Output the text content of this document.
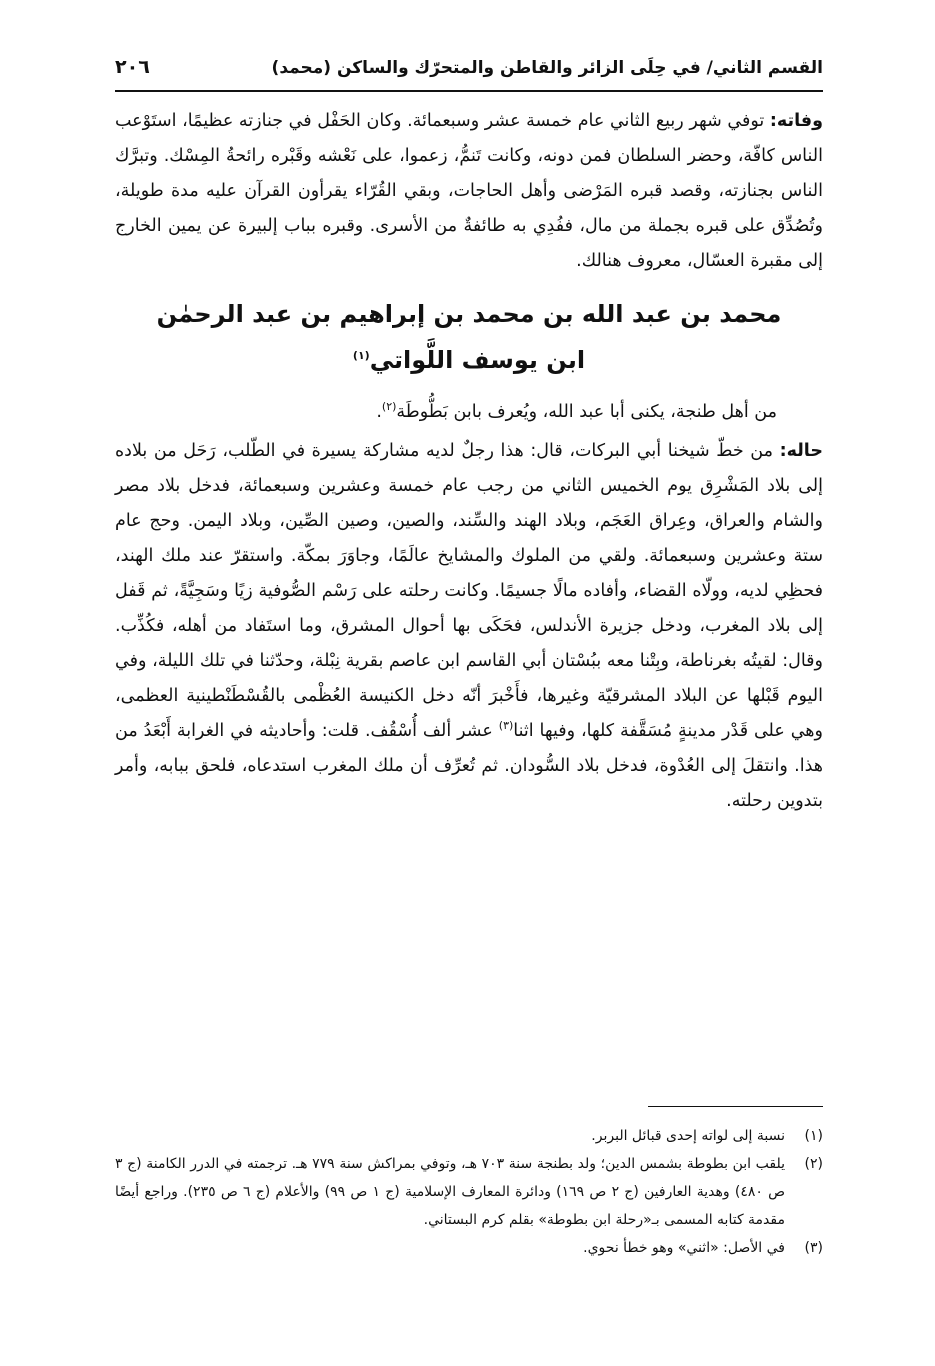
القسم الثاني/ في حِلَى الزائر والقاطن والمتحرّك والساكن (محمد)
٢٠٦

وفاته: توفي شهر ربيع الثاني عام خمسة عشر وسبعمائة. وكان الحَفْل في جنازته عظيمًا، استَوْعب الناس كافّة، وحضر السلطان فمن دونه، وكانت تَنمُّ، زعموا، على نَعْشه وقَبْره رائحةُ المِسْك. وتبرَّك الناس بجنازته، وقصد قبره المَرْضى وأهل الحاجات، وبقي القُرّاء يقرأون القرآن عليه مدة طويلة، وتُصُدِّق على قبره بجملة من مال، ففُدِي به طائفةٌ من الأسرى. وقبره بباب إلبيرة عن يمين الخارج إلى مقبرة العسّال، معروف هنالك.

محمد بن عبد الله بن محمد بن إبراهيم بن عبد الرحمٰن
ابن يوسف اللَّواتي$^{(١)}$

من أهل طنجة، يكنى أبا عبد الله، ويُعرف بابن بَطُّوطَة$^{(٢)}$.

حاله: من خطّ شيخنا أبي البركات، قال: هذا رجلٌ لديه مشاركة يسيرة في الطّلب، رَحَل من بلاده إلى بلاد المَشْرِق يوم الخميس الثاني من رجب عام خمسة وعشرين وسبعمائة، فدخل بلاد مصر والشام والعراق، وعِراق العَجَم، وبلاد الهند والسِّند، والصين، وصين الصِّين، وبلاد اليمن. وحج عام ستة وعشرين وسبعمائة. ولقي من الملوك والمشايخ عالَمًا، وجاوَرَ بمكّة. واستقرّ عند ملك الهند، فحظِي لديه، وولّاه القضاء، وأفاده مالًا جسيمًا. وكانت رحلته على رَسْم الصُّوفية زيًا وسَجِيَّةً، ثم قَفل إلى بلاد المغرب، ودخل جزيرة الأندلس، فحَكَى بها أحوال المشرق، وما استَفاد من أهله، فكُذِّب. وقال: لقيتُه بغرناطة، وبِتْنا معه ببُسْتان أبي القاسم ابن عاصم بقرية نِبْلة، وحدّثنا في تلك الليلة، وفي اليوم قَبْلها عن البلاد المشرقيّة وغيرها، فأَخْبرَ أنّه دخل الكنيسة العُظْمى بالقُسْطَنْطينية العظمى، وهي على قَدْر مدينةٍ مُسَقَّفة كلها، وفيها اثنا$^{(٣)}$ عشر ألف أُسْقُف. قلت: وأحاديثه في الغرابة أَبْعَدُ من هذا. وانتقلَ إلى العُدْوة، فدخل بلاد السُّودان. ثم تُعرِّف أن ملك المغرب استدعاه، فلحق ببابه، وأمر بتدوين رحلته.

(١)
نسبة إلى لواته إحدى قبائل البربر.

(٢)
يلقب ابن بطوطة بشمس الدين؛ ولد بطنجة سنة ٧٠٣ هـ، وتوفي بمراكش سنة ٧٧٩ هـ. ترجمته في الدرر الكامنة (ج ٣ ص ٤٨٠) وهدية العارفين (ج ٢ ص ١٦٩) ودائرة المعارف الإسلامية (ج ١ ص ٩٩) والأعلام (ج ٦ ص ٢٣٥). وراجع أيضًا مقدمة كتابه المسمى بـ«رحلة ابن بطوطة» بقلم كرم البستاني.

(٣)
في الأصل: «اثني» وهو خطأ نحوي.
